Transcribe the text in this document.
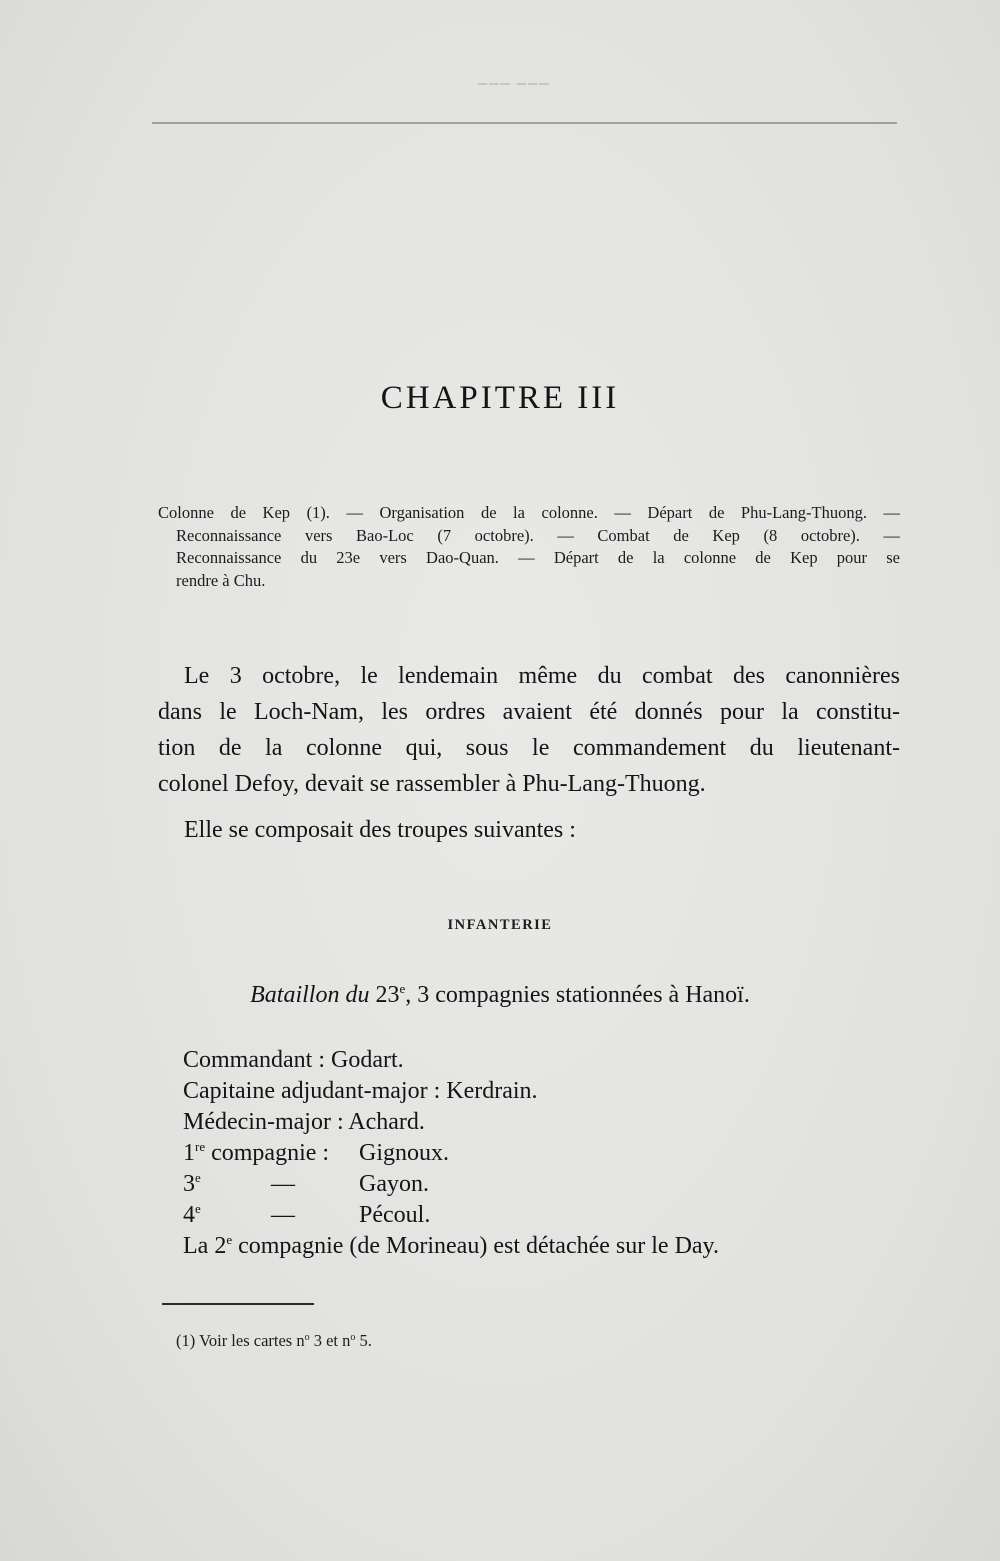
─── ───

CHAPITRE III
Colonne de Kep (1). — Organisation de la colonne. — Départ de Phu-Lang-Thuong. —
Reconnaissance vers Bao-Loc (7 octobre). — Combat de Kep (8 octobre). —
Reconnaissance du 23e vers Dao-Quan. — Départ de la colonne de Kep pour se
rendre à Chu.
Le 3 octobre, le lendemain même du combat des canonnières
dans le Loch-Nam, les ordres avaient été donnés pour la constitu-
tion de la colonne qui, sous le commandement du lieutenant-
colonel Defoy, devait se rassembler à Phu-Lang-Thuong.
Elle se composait des troupes suivantes :
INFANTERIE
Bataillon du 23e, 3 compagnies stationnées à Hanoï.
Commandant : Godart.
Capitaine adjudant-major : Kerdrain.
Médecin-major : Achard.
1re compagnie : Gignoux.
3e	—	Gayon.
4e	—	Pécoul.
La 2e compagnie (de Morineau) est détachée sur le Day.
(1) Voir les cartes $n^o$ 3 et $n^o$ 5.
